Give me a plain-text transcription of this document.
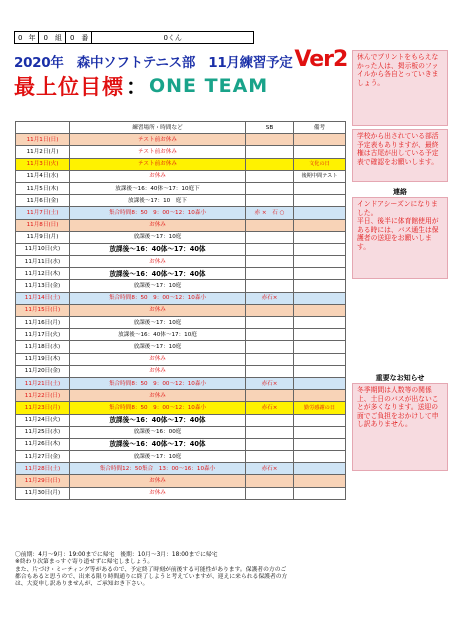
0 年	0	組	0	番	0くん
2020年　森中ソフトテニス部　11月練習予定 Ver2
最上位目標 ： ONE TEAM
	練習場所・時間など	SB	備考
11月1日(日)	テスト前お休み		
11月2日(月)	テスト前お休み		
11月3日(火)	テスト前お休み		文化の日
11月4日(水)	お休み		後期中間テスト
11月5日(木)	放課後～16：40体～17：10庭下		
11月6日(金)	放課後～17：10　庭下		
11月7日(土)	集合時間8：50　9：00～12：10森小	赤 ×　石 ○	
11月8日(日)	お休み		
11月9日(月)	放課後～17：10庭		
11月10日(火)	放課後～16：40体～17：40体		
11月11日(水)	お休み		
11月12日(木)	放課後～16：40体～17：40体		
11月13日(金)	放課後～17：10庭		
11月14日(土)	集合時間8：50　9：00～12：10森小	赤石×	
11月15日(日)	お休み		
11月16日(月)	放課後～17：10庭		
11月17日(火)	放課後～16：40体～17：10庭		
11月18日(水)	放課後～17：10庭		
11月19日(木)	お休み		
11月20日(金)	お休み		
11月21日(土)	集合時間8：50　9：00～12：10森小	赤石×	
11月22日(日)	お休み		
11月23日(月)	集合時間8：50　9：00～12：10森小	赤石×	勤労感謝の日
11月24日(火)	放課後～16：40体～17：40体		
11月25日(水)	放課後～16：00庭		
11月26日(木)	放課後～16：40体～17：40体		
11月27日(金)	放課後～17：10庭		
11月28日(土)	集合時間12：50集合　13：00～16：10森小	赤石×	
11月29日(日)	お休み		
11月30日(月)	お休み		
休んでプリントをもらえなかった人は、掲示板のファイルから各自とっていきましょう。
学校から出されている部活予定表もありますが、最終権は古尾が出している予定表で確認をお願いします。
連絡
インドアシーズンになりました。
平日、後半に体育館使用がある時には、バス通生は保護者の送迎をお願いします。
重要なお知らせ
冬季期間は人数等の関係上、土日のバスが出ないことが多くなります。送迎の面でご負担をおかけして申し訳ありません。
〇前期：4月～9月：19:00までに帰宅　後期：10月～3月：18:00までに帰宅
※終わり次第まっすぐ寄り道せずに帰宅しましょう。
また、片づけ・ミーティング等があるので、予定終了時刻が前後する可能性があります。保護者の方のご
都合もあると思うので、出来る限り時間通りに終了しようと考えていますが、迎えに来られる保護者の方
は、大変申し訳ありませんが、ご承知おき下さい。
